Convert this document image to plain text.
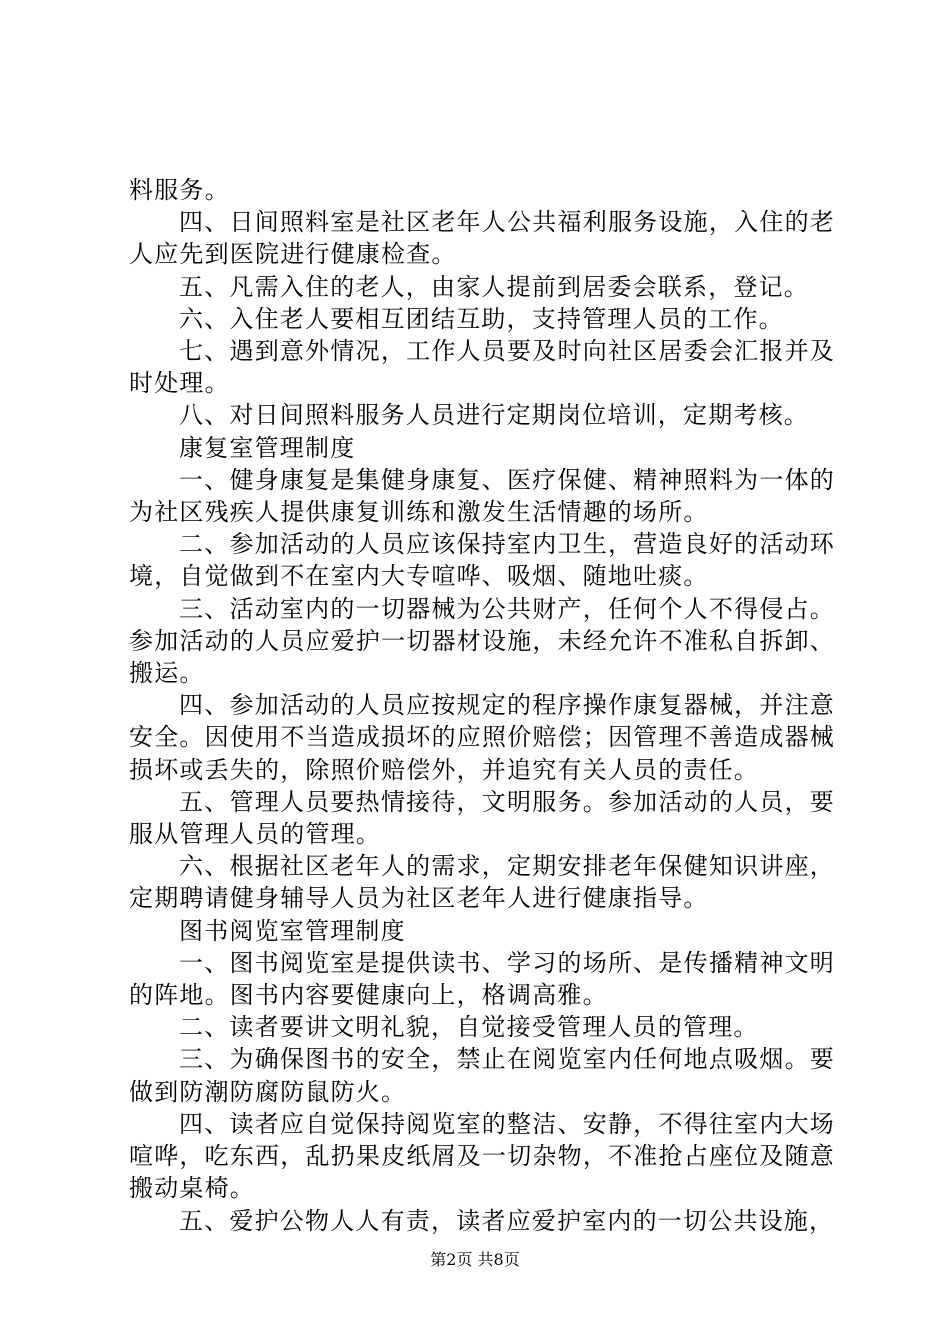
料服务。

四、日间照料室是社区老年人公共福利服务设施，入住的老人应先到医院进行健康检查。

五、凡需入住的老人，由家人提前到居委会联系，登记。

六、入住老人要相互团结互助，支持管理人员的工作。

七、遇到意外情况，工作人员要及时向社区居委会汇报并及时处理。

八、对日间照料服务人员进行定期岗位培训，定期考核。

康复室管理制度

一、健身康复是集健身康复、医疗保健、精神照料为一体的为社区残疾人提供康复训练和激发生活情趣的场所。

二、参加活动的人员应该保持室内卫生，营造良好的活动环境，自觉做到不在室内大专喧哗、吸烟、随地吐痰。

三、活动室内的一切器械为公共财产，任何个人不得侵占。参加活动的人员应爱护一切器材设施，未经允许不准私自拆卸、搬运。

四、参加活动的人员应按规定的程序操作康复器械，并注意安全。因使用不当造成损坏的应照价赔偿；因管理不善造成器械损坏或丢失的，除照价赔偿外，并追究有关人员的责任。

五、管理人员要热情接待，文明服务。参加活动的人员，要服从管理人员的管理。

六、根据社区老年人的需求，定期安排老年保健知识讲座，定期聘请健身辅导人员为社区老年人进行健康指导。

图书阅览室管理制度

一、图书阅览室是提供读书、学习的场所、是传播精神文明的阵地。图书内容要健康向上，格调高雅。

二、读者要讲文明礼貌，自觉接受管理人员的管理。

三、为确保图书的安全，禁止在阅览室内任何地点吸烟。要做到防潮防腐防鼠防火。

四、读者应自觉保持阅览室的整洁、安静，不得往室内大场喧哗，吃东西，乱扔果皮纸屑及一切杂物，不准抢占座位及随意搬动桌椅。

五、爱护公物人人有责，读者应爱护室内的一切公共设施，

第2页 共8页
